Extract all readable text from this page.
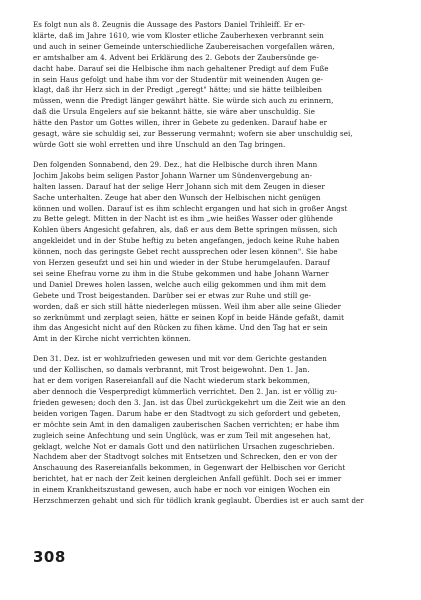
Es folgt nun als 8. Zeugnis die Aussage des Pastors Daniel Trihleiff. Er er-
klärte, daß im Jahre 1610, wie vom Kloster etliche Zauberhexen verbrannt sein
und auch in seiner Gemeinde unterschiedliche Zaubereisachen vorgefallen wären,
er amtshalber am 4. Advent bei Erklärung des 2. Gebots der Zaubersünde ge-
dacht habe. Darauf sei die Helbische ihm nach gehaltener Predigt auf dem Fuße
in sein Haus gefolgt und habe ihm vor der Studentür mit weinenden Augen ge-
klagt, daß ihr Herz sich in der Predigt „geregt" hätte; und sie hätte teilbleiben
müssen, wenn die Predigt länger gewährt hätte. Sie würde sich auch zu erinnern,
daß die Ursula Engelers auf sie bekannt hätte, sie wäre aber unschuldig. Sie
hätte den Pastor um Gottes willen, ihrer in Gebete zu gedenken. Darauf habe er
gesagt, wäre sie schuldig sei, zur Besserung vermahnt; wofern sie aber unschuldig sei,
würde Gott sie wohl erretten und ihre Unschuld an den Tag bringen.

Den folgenden Sonnabend, den 29. Dez., hat die Helbische durch ihren Mann
Jochim Jakobs beim seligen Pastor Johann Warner um Sündenvergebung an-
halten lassen. Darauf hat der selige Herr Johann sich mit dem Zeugen in dieser
Sache unterhalten. Zeuge hat aber den Wunsch der Helbischen nicht genügen
können und wollen. Darauf ist es ihm schlecht ergangen und hat sich in großer Angst
zu Bette gelegt. Mitten in der Nacht ist es ihm „wie heißes Wasser oder glühende
Kohlen übers Angesicht gefahren, als, daß er aus dem Bette springen müssen, sich
angekleidet und in der Stube heftig zu beten angefangen, jedoch keine Ruhe haben
können, noch das geringste Gebet recht aussprechen oder lesen können". Sie habe
von Herzen geseufzt und sei hin und wieder in der Stube herumgelaufen. Darauf
sei seine Ehefrau vorne zu ihm in die Stube gekommen und habe Johann Warner
und Daniel Drewes holen lassen, welche auch eilig gekommen und ihm mit dem
Gebete und Trost beigestanden. Darüber sei er etwas zur Ruhe und still ge-
worden, daß er sich still hätte niederlegen müssen. Weil ihm aber alle seine Glieder
so zerknümmt und zerplagt seien, hätte er seinen Kopf in beide Hände gefaßt, damit
ihm das Angesicht nicht auf den Rücken zu fihen käme. Und den Tag hat er sein
Amt in der Kirche nicht verrichten können.

Den 31. Dez. ist er wohlzufrieden gewesen und mit vor dem Gerichte gestanden
und der Kollischen, so damals verbrannt, mit Trost beigewohnt. Den 1. Jan.
hat er dem vorigen Rasereianfall auf die Nacht wiederum stark bekommen,
aber dennoch die Vesperpredigt kümmerlich verrichtet. Den 2. Jan. ist er völlig zu-
frieden gewesen; doch den 3. Jan. ist das Übel zurückgekehrt um die Zeit wie an den
beiden vorigen Tagen. Darum habe er den Stadtvogt zu sich gefordert und gebeten,
er möchte sein Amt in den damaligen zauberischen Sachen verrichten; er habe ihm
zugleich seine Anfechtung und sein Unglück, was er zum Teil mit angesehen hat,
geklagt, welche Not er damals Gott und den natürlichen Ursachen zugeschrieben.
Nachdem aber der Stadtvogt solches mit Entsetzen und Schrecken, den er von der
Anschauung des Rasereianfalls bekommen, in Gegenwart der Helbischen vor Gericht
berichtet, hat er nach der Zeit keinen dergleichen Anfall gefühlt. Doch sei er immer
in einem Krankheitszustand gewesen, auch habe er noch vor einigen Wochen ein
Herzschmerzen gehabt und sich für tödlich krank geglaubt. Überdies ist er auch samt der

308
